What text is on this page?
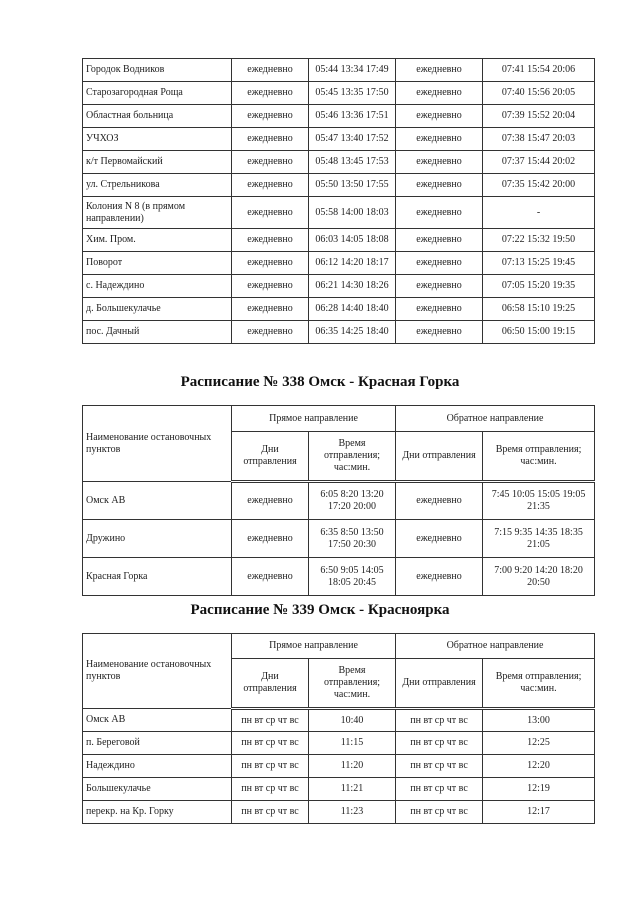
Городок Водников	ежедневно	05:44 13:34 17:49	ежедневно	07:41 15:54 20:06
Старозагородная Роща	ежедневно	05:45 13:35 17:50	ежедневно	07:40 15:56 20:05
Областная больница	ежедневно	05:46 13:36 17:51	ежедневно	07:39 15:52 20:04
УЧХОЗ	ежедневно	05:47 13:40 17:52	ежедневно	07:38 15:47 20:03
к/т Первомайский	ежедневно	05:48 13:45 17:53	ежедневно	07:37 15:44 20:02
ул. Стрельникова	ежедневно	05:50 13:50 17:55	ежедневно	07:35 15:42 20:00
Колония N 8 (в прямом направлении)	ежедневно	05:58 14:00 18:03	ежедневно	-
Хим. Пром.	ежедневно	06:03 14:05 18:08	ежедневно	07:22 15:32 19:50
Поворот	ежедневно	06:12 14:20 18:17	ежедневно	07:13 15:25 19:45
с. Надеждино	ежедневно	06:21 14:30 18:26	ежедневно	07:05 15:20 19:35
д. Большекулачье	ежедневно	06:28 14:40 18:40	ежедневно	06:58 15:10 19:25
пос. Дачный	ежедневно	06:35 14:25 18:40	ежедневно	06:50 15:00 19:15
Расписание № 338 Омск - Красная Горка
Наименование остановочных пунктов	Прямое направление		Обратное направление	
	Дни отправления	Время отправления; час:мин.	Дни отправления	Время отправления; час:мин.
Омск АВ	ежедневно	6:05 8:20 13:20 17:20 20:00	ежедневно	7:45 10:05 15:05 19:05 21:35
Дружино	ежедневно	6:35 8:50 13:50 17:50 20:30	ежедневно	7:15 9:35 14:35 18:35 21:05
Красная Горка	ежедневно	6:50 9:05 14:05 18:05 20:45	ежедневно	7:00 9:20 14:20 18:20 20:50
Расписание № 339 Омск - Красноярка
Наименование остановочных пунктов	Прямое направление		Обратное направление	
	Дни отправления	Время отправления; час:мин.	Дни отправления	Время отправления; час:мин.
Омск АВ	пн вт ср чт вс	10:40	пн вт ср чт вс	13:00
п. Береговой	пн вт ср чт вс	11:15	пн вт ср чт вс	12:25
Надеждино	пн вт ср чт вс	11:20	пн вт ср чт вс	12:20
Большекулачье	пн вт ср чт вс	11:21	пн вт ср чт вс	12:19
перекр. на Кр. Горку	пн вт ср чт вс	11:23	пн вт ср чт вс	12:17
